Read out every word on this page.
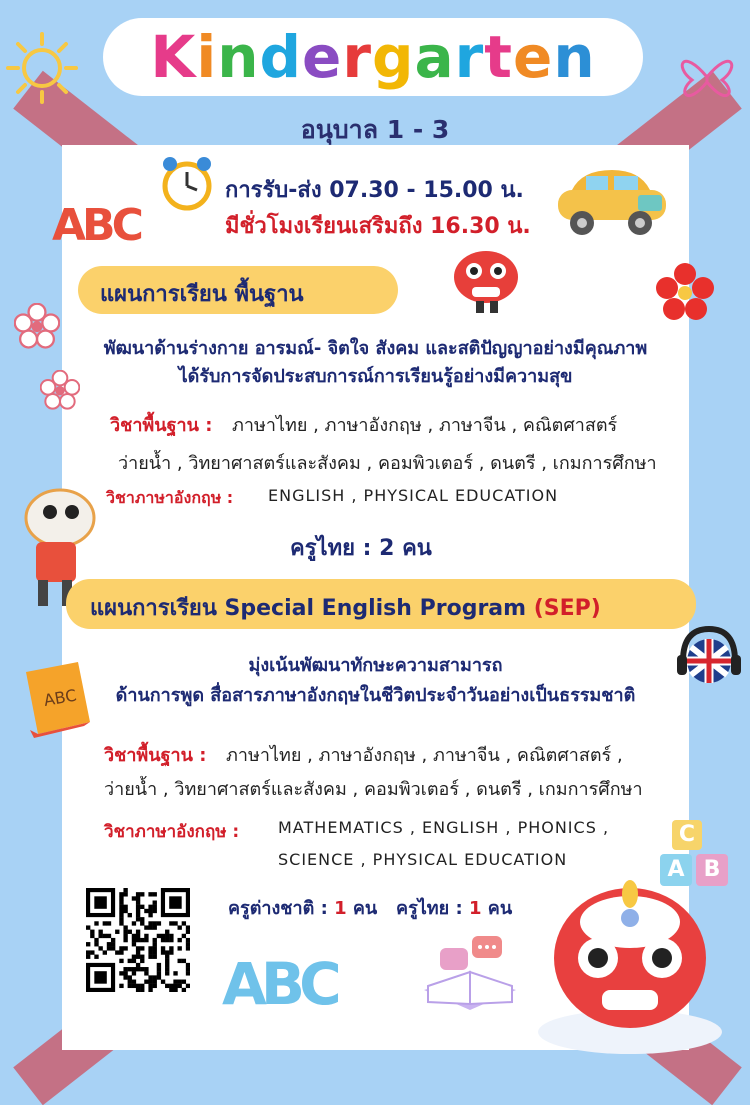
Kindergarten
อนุบาล 1 - 3
การรับ-ส่ง 07.30 - 15.00 น.
มีชั่วโมงเรียนเสริมถึง 16.30 น.
ABC
แผนการเรียน พื้นฐาน
พัฒนาด้านร่างกาย อารมณ์- จิตใจ สังคม และสติปัญญาอย่างมีคุณภาพ
ได้รับการจัดประสบการณ์การเรียนรู้อย่างมีความสุข
วิชาพื้นฐาน : ภาษาไทย , ภาษาอังกฤษ , ภาษาจีน , คณิตศาสตร์
ว่ายน้ำ , วิทยาศาสตร์และสังคม , คอมพิวเตอร์ , ดนตรี , เกมการศึกษา
วิชาภาษาอังกฤษ : ENGLISH , PHYSICAL EDUCATION
ครูไทย : 2 คน
แผนการเรียน Special English Program (SEP)
ABC
มุ่งเน้นพัฒนาทักษะความสามารถ
ด้านการพูด สื่อสารภาษาอังกฤษในชีวิตประจำวันอย่างเป็นธรรมชาติ
วิชาพื้นฐาน : ภาษาไทย , ภาษาอังกฤษ , ภาษาจีน , คณิตศาสตร์ ,
ว่ายน้ำ , วิทยาศาสตร์และสังคม , คอมพิวเตอร์ , ดนตรี , เกมการศึกษา
วิชาภาษาอังกฤษ : MATHEMATICS , ENGLISH , PHONICS ,
SCIENCE , PHYSICAL EDUCATION
C
A B
ครูต่างชาติ : 1 คน ครูไทย : 1 คน
ABC
